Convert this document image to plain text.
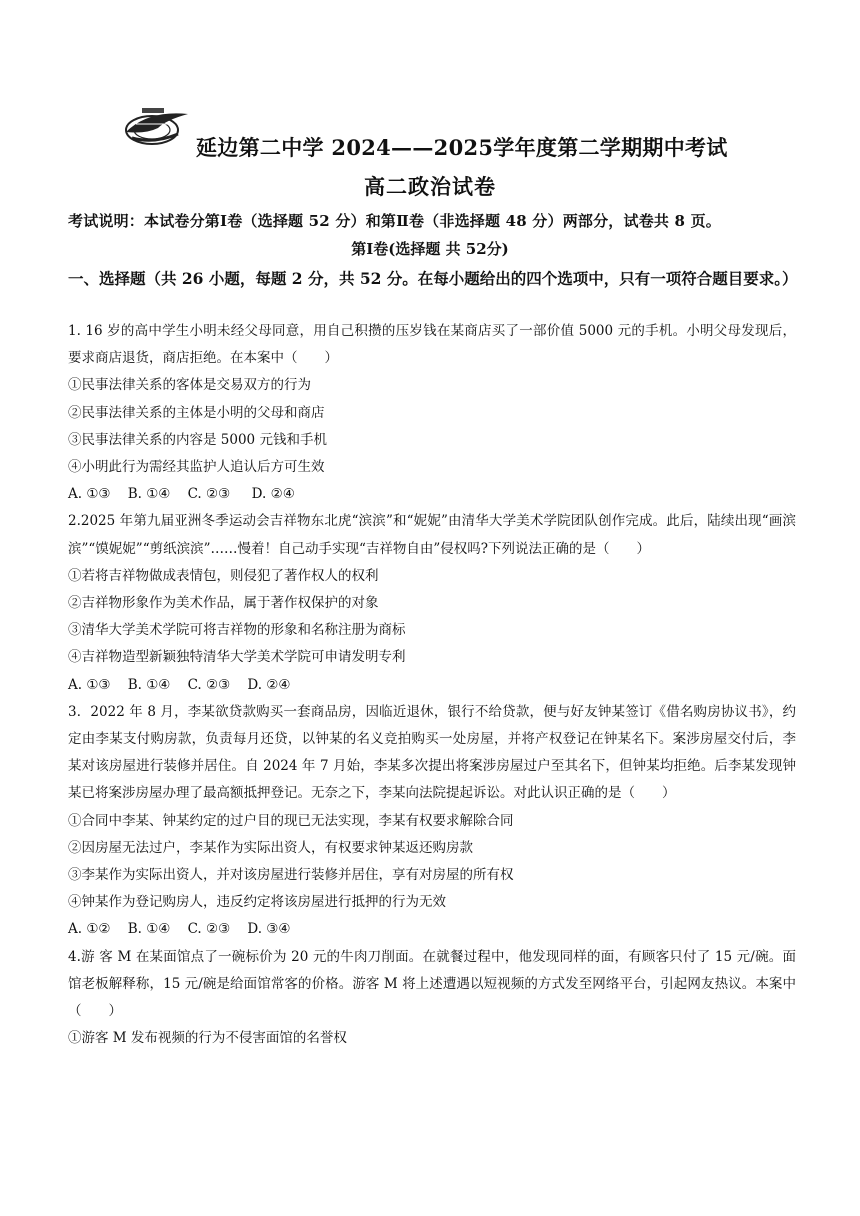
延边第二中学 2024——2025学年度第二学期期中考试
高二政治试卷
考试说明：本试卷分第Ⅰ卷（选择题 52 分）和第Ⅱ卷（非选择题 48 分）两部分，试卷共 8 页。
第Ⅰ卷(选择题 共 52分)
一、选择题（共 26 小题，每题 2 分，共 52 分。在每小题给出的四个选项中，只有一项符合题目要求。）

1. 16 岁的高中学生小明未经父母同意，用自己积攒的压岁钱在某商店买了一部价值 5000 元的手机。小明父母发现后，要求商店退货，商店拒绝。在本案中（　　）

①民事法律关系的客体是交易双方的行为

②民事法律关系的主体是小明的父母和商店

③民事法律关系的内容是 5000 元钱和手机

④小明此行为需经其监护人追认后方可生效

A. ①③    B. ①④    C. ②③     D. ②④

2.2025 年第九届亚洲冬季运动会吉祥物东北虎“滨滨”和“妮妮”由清华大学美术学院团队创作完成。此后，陆续出现“画滨滨”“馍妮妮”“剪纸滨滨”……慢着！自己动手实现“吉祥物自由”侵权吗?下列说法正确的是（　　）

①若将吉祥物做成表情包，则侵犯了著作权人的权利

②吉祥物形象作为美术作品，属于著作权保护的对象

③清华大学美术学院可将吉祥物的形象和名称注册为商标

④吉祥物造型新颖独特清华大学美术学院可申请发明专利

A. ①③    B. ①④    C. ②③    D. ②④

3．2022 年 8 月，李某欲贷款购买一套商品房，因临近退休，银行不给贷款，便与好友钟某签订《借名购房协议书》，约定由李某支付购房款，负责每月还贷，以钟某的名义竞拍购买一处房屋，并将产权登记在钟某名下。案涉房屋交付后，李某对该房屋进行装修并居住。自 2024 年 7 月始，李某多次提出将案涉房屋过户至其名下，但钟某均拒绝。后李某发现钟某已将案涉房屋办理了最高额抵押登记。无奈之下，李某向法院提起诉讼。对此认识正确的是（　　）

①合同中李某、钟某约定的过户目的现已无法实现，李某有权要求解除合同

②因房屋无法过户，李某作为实际出资人，有权要求钟某返还购房款

③李某作为实际出资人，并对该房屋进行装修并居住，享有对房屋的所有权

④钟某作为登记购房人，违反约定将该房屋进行抵押的行为无效

A. ①②    B. ①④    C. ②③    D. ③④

4.游 客 M 在某面馆点了一碗标价为 20 元的牛肉刀削面。在就餐过程中，他发现同样的面，有顾客只付了 15 元/碗。面馆老板解释称，15 元/碗是给面馆常客的价格。游客 M 将上述遭遇以短视频的方式发至网络平台，引起网友热议。本案中（　　）

①游客 M 发布视频的行为不侵害面馆的名誉权
